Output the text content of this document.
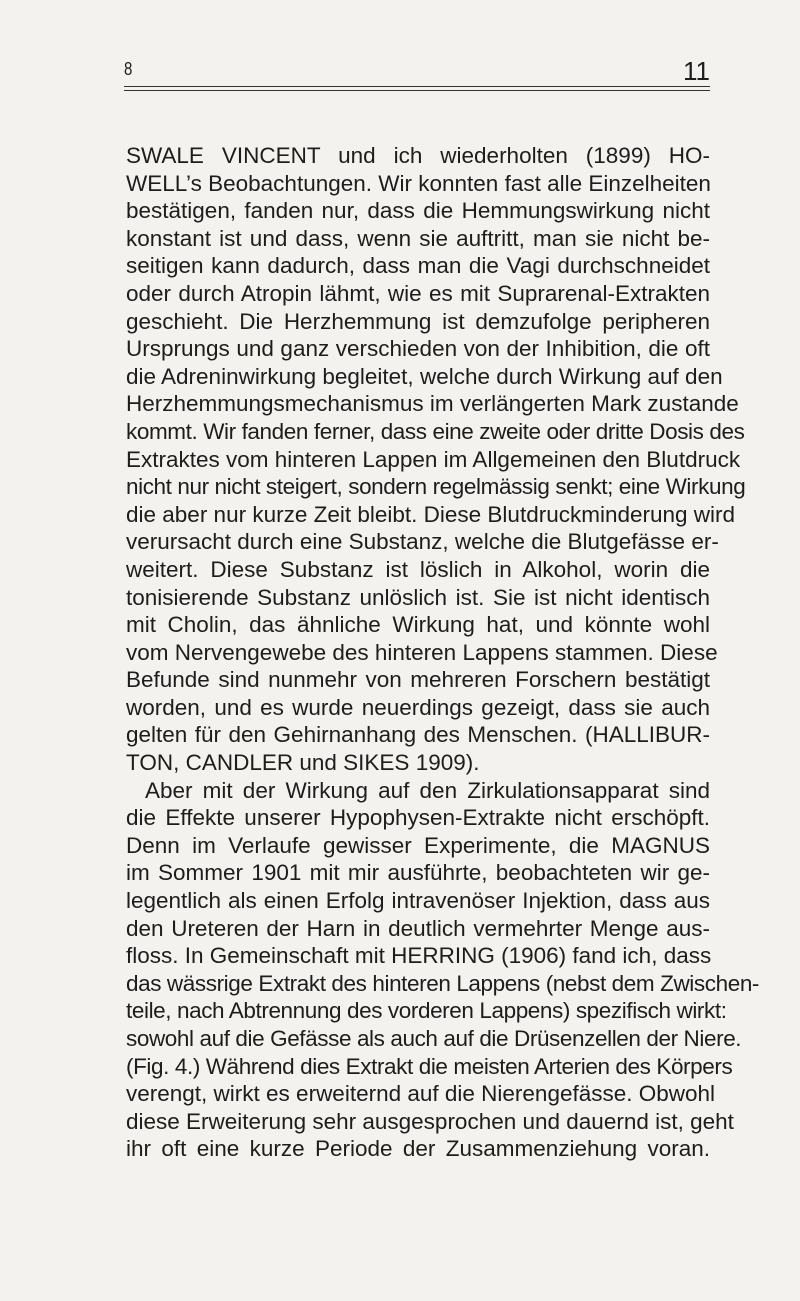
8	11
SWALE VINCENT und ich wiederholten (1899) HO-
WELL’s Beobachtungen. Wir konnten fast alle Einzelheiten
bestätigen, fanden nur, dass die Hemmungswirkung nicht
konstant ist und dass, wenn sie auftritt, man sie nicht be-
seitigen kann dadurch, dass man die Vagi durchschneidet
oder durch Atropin lähmt, wie es mit Suprarenal-Extrakten
geschieht. Die Herzhemmung ist demzufolge peripheren
Ursprungs und ganz verschieden von der Inhibition, die oft
die Adreninwirkung begleitet, welche durch Wirkung auf den
Herzhemmungsmechanismus im verlängerten Mark zustande
kommt. Wir fanden ferner, dass eine zweite oder dritte Dosis des
Extraktes vom hinteren Lappen im Allgemeinen den Blutdruck
nicht nur nicht steigert, sondern regelmässig senkt; eine Wirkung
die aber nur kurze Zeit bleibt. Diese Blutdruckminderung wird
verursacht durch eine Substanz, welche die Blutgefässe er-
weitert. Diese Substanz ist löslich in Alkohol, worin die
tonisierende Substanz unlöslich ist. Sie ist nicht identisch
mit Cholin, das ähnliche Wirkung hat, und könnte wohl
vom Nervengewebe des hinteren Lappens stammen. Diese
Befunde sind nunmehr von mehreren Forschern bestätigt
worden, und es wurde neuerdings gezeigt, dass sie auch
gelten für den Gehirnanhang des Menschen. (HALLIBUR-
TON, CANDLER und SIKES 1909).
Aber mit der Wirkung auf den Zirkulationsapparat sind
die Effekte unserer Hypophysen-Extrakte nicht erschöpft.
Denn im Verlaufe gewisser Experimente, die MAGNUS
im Sommer 1901 mit mir ausführte, beobachteten wir ge-
legentlich als einen Erfolg intravenöser Injektion, dass aus
den Ureteren der Harn in deutlich vermehrter Menge aus-
floss. In Gemeinschaft mit HERRING (1906) fand ich, dass
das wässrige Extrakt des hinteren Lappens (nebst dem Zwischen-
teile, nach Abtrennung des vorderen Lappens) spezifisch wirkt:
sowohl auf die Gefässe als auch auf die Drüsenzellen der Niere.
(Fig. 4.) Während dies Extrakt die meisten Arterien des Körpers
verengt, wirkt es erweiternd auf die Nierengefässe. Obwohl
diese Erweiterung sehr ausgesprochen und dauernd ist, geht
ihr oft eine kurze Periode der Zusammenziehung voran.
